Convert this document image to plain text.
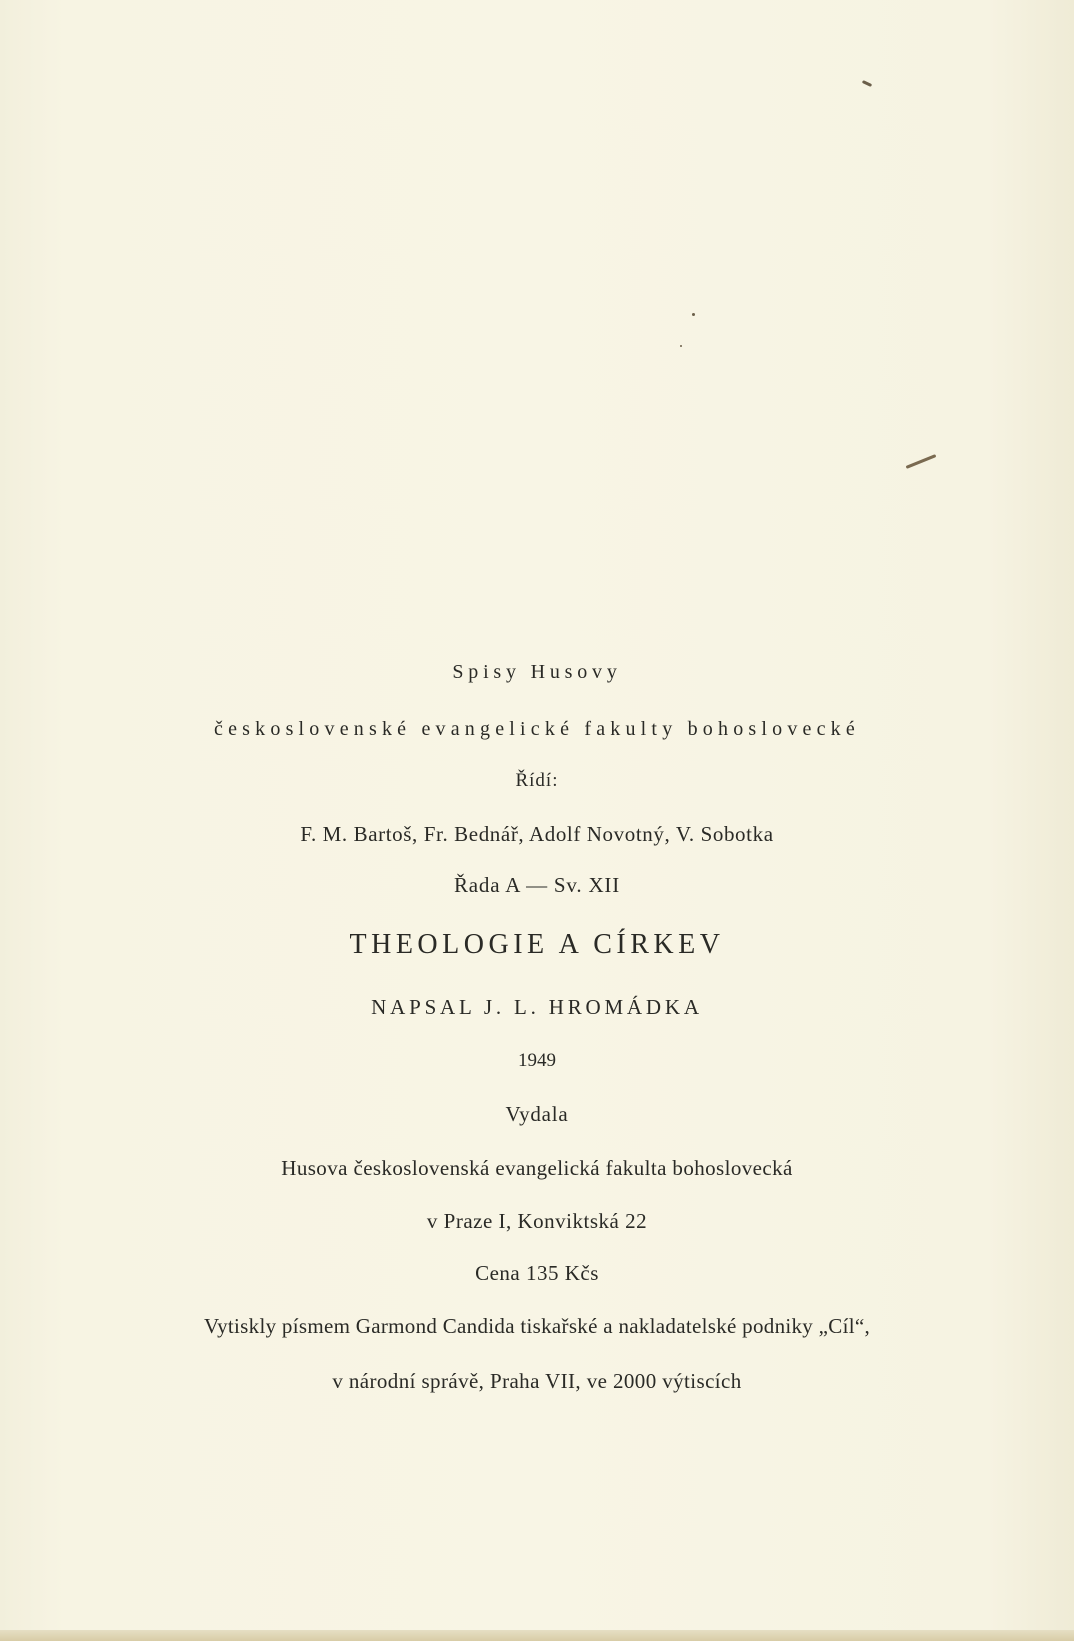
Spisy Husovy
československé evangelické fakulty bohoslovecké
Řídí:
F. M. Bartoš, Fr. Bednář, Adolf Novotný, V. Sobotka
Řada A — Sv. XII
THEOLOGIE A CÍRKEV
NAPSAL J. L. HROMÁDKA
1949
Vydala
Husova československá evangelická fakulta bohoslovecká
v Praze I, Konviktská 22
Cena 135 Kčs
Vytiskly písmem Garmond Candida tiskařské a nakladatelské podniky „Cíl“,
v národní správě, Praha VII, ve 2000 výtiscích
